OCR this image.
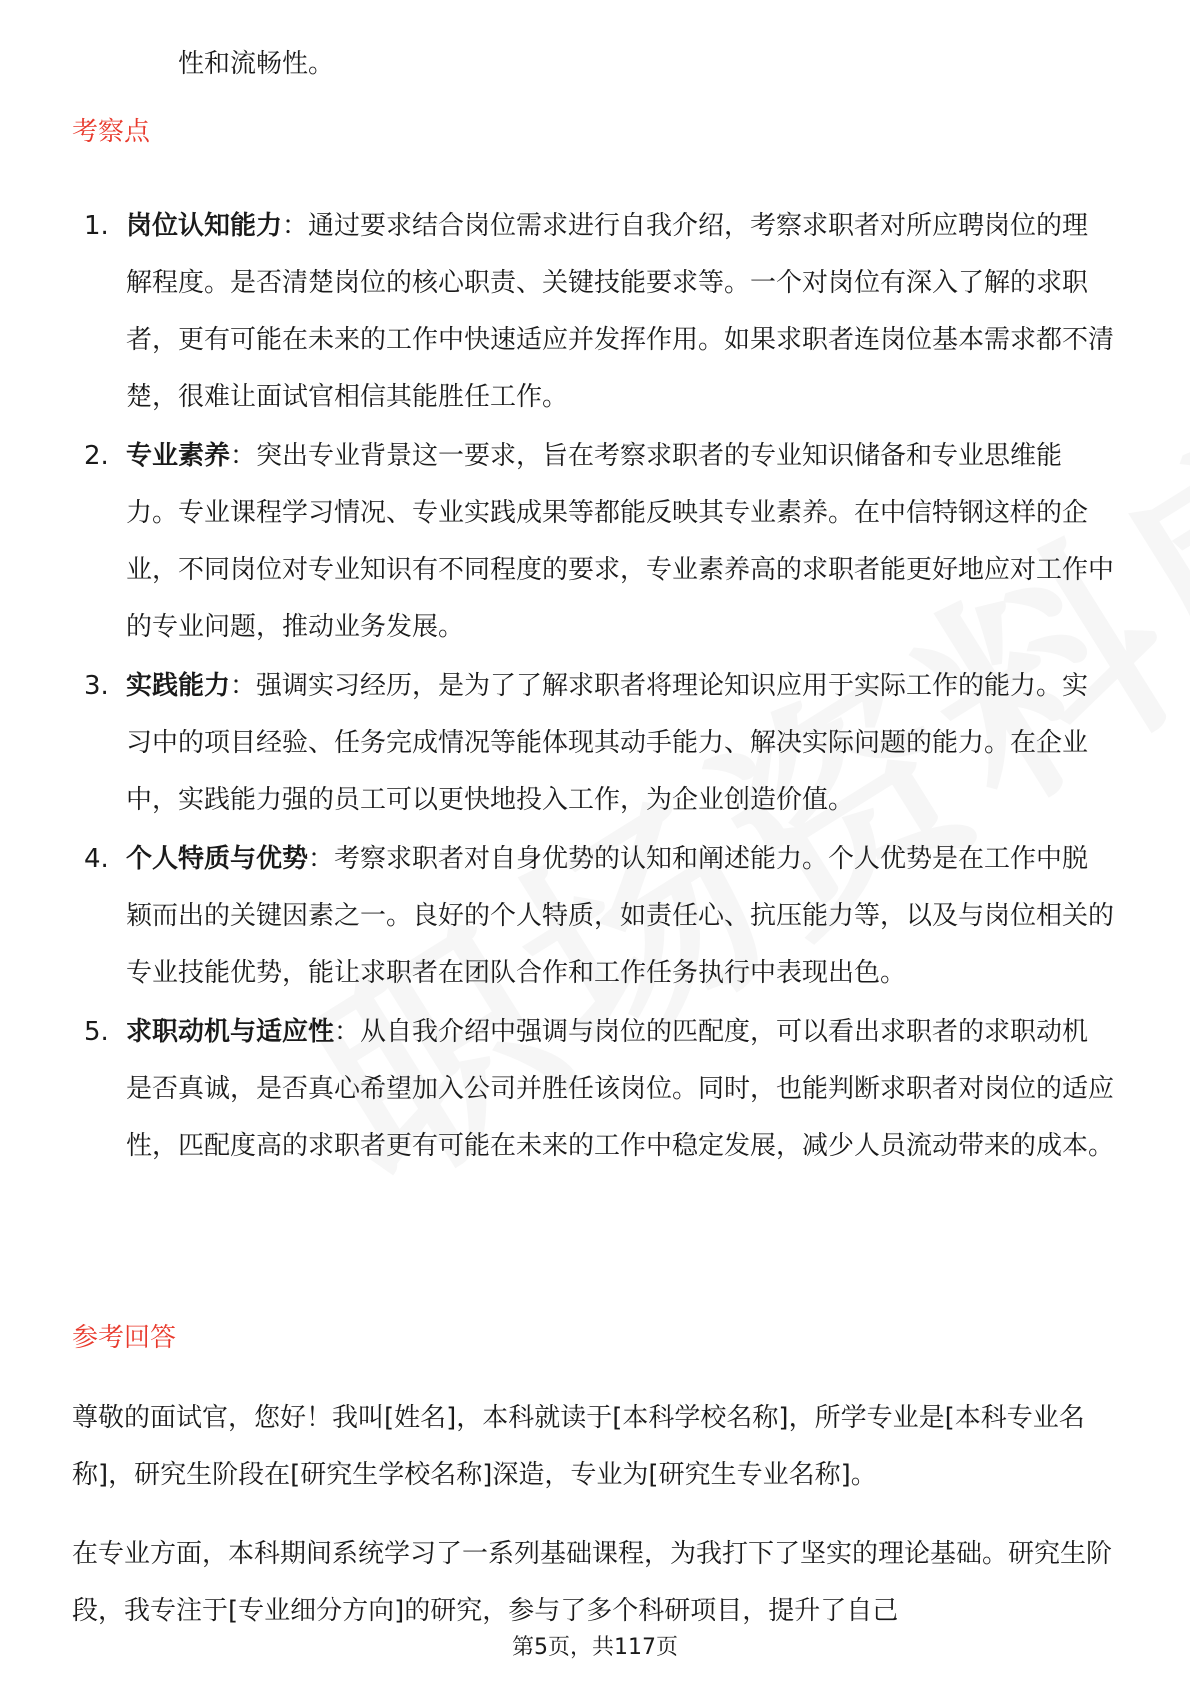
性和流畅性。
考察点
1. 岗位认知能力：通过要求结合岗位需求进行自我介绍，考察求职者对所应聘岗位的理解程度。是否清楚岗位的核心职责、关键技能要求等。一个对岗位有深入了解的求职者，更有可能在未来的工作中快速适应并发挥作用。如果求职者连岗位基本需求都不清楚，很难让面试官相信其能胜任工作。
2. 专业素养：突出专业背景这一要求，旨在考察求职者的专业知识储备和专业思维能力。专业课程学习情况、专业实践成果等都能反映其专业素养。在中信特钢这样的企业，不同岗位对专业知识有不同程度的要求，专业素养高的求职者能更好地应对工作中的专业问题，推动业务发展。
3. 实践能力：强调实习经历，是为了了解求职者将理论知识应用于实际工作的能力。实习中的项目经验、任务完成情况等能体现其动手能力、解决实际问题的能力。在企业中，实践能力强的员工可以更快地投入工作，为企业创造价值。
4. 个人特质与优势：考察求职者对自身优势的认知和阐述能力。个人优势是在工作中脱颖而出的关键因素之一。良好的个人特质，如责任心、抗压能力等，以及与岗位相关的专业技能优势，能让求职者在团队合作和工作任务执行中表现出色。
5. 求职动机与适应性：从自我介绍中强调与岗位的匹配度，可以看出求职者的求职动机是否真诚，是否真心希望加入公司并胜任该岗位。同时，也能判断求职者对岗位的适应性，匹配度高的求职者更有可能在未来的工作中稳定发展，减少人员流动带来的成本。
参考回答

尊敬的面试官，您好！我叫[姓名]，本科就读于[本科学校名称]，所学专业是[本科专业名称]，研究生阶段在[研究生学校名称]深造，专业为[研究生专业名称]。

在专业方面，本科期间系统学习了一系列基础课程，为我打下了坚实的理论基础。研究生阶段，我专注于[专业细分方向]的研究，参与了多个科研项目，提升了自己

第5页，共117页
